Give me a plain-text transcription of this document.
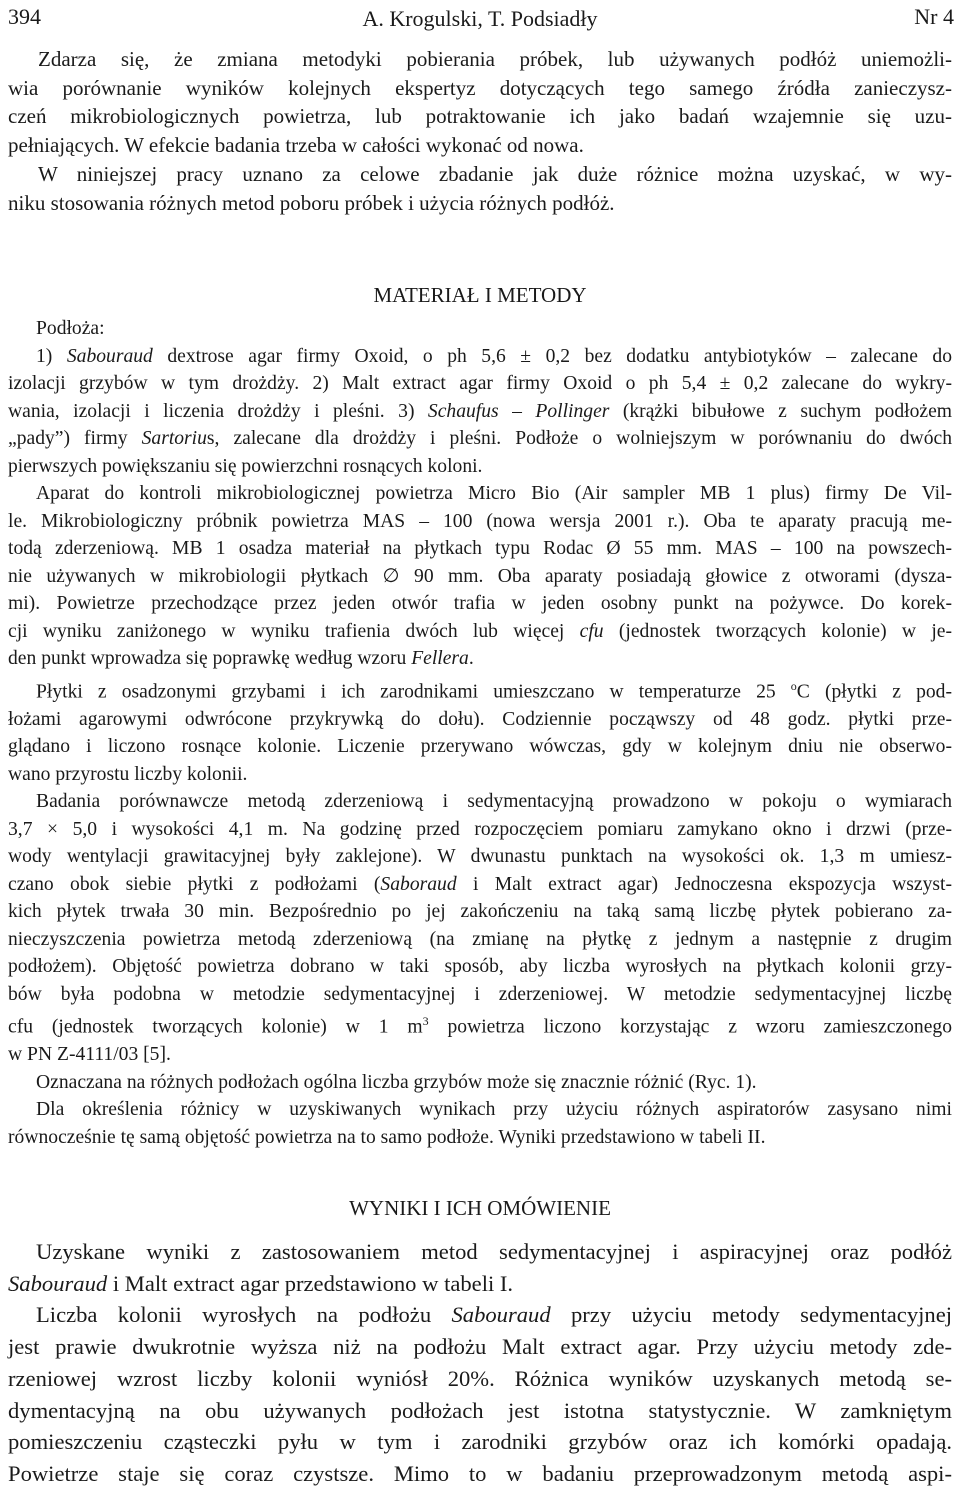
394	A. Krogulski, T. Podsiadły	Nr 4
Zdarza się, że zmiana metodyki pobierania próbek, lub używanych podłóż uniemożli-
wia porównanie wyników kolejnych ekspertyz dotyczących tego samego źródła zanieczysz-
czeń mikrobiologicznych powietrza, lub potraktowanie ich jako badań wzajemnie się uzu-
pełniających. W efekcie badania trzeba w całości wykonać od nowa.
W niniejszej pracy uznano za celowe zbadanie jak duże różnice można uzyskać, w wy-
niku stosowania różnych metod poboru próbek i użycia różnych podłóż.
MATERIAŁ I METODY
Podłoża:
1) Sabouraud dextrose agar firmy Oxoid, o ph 5,6 ± 0,2 bez dodatku antybiotyków – zalecane do
izolacji grzybów w tym drożdży. 2) Malt extract agar firmy Oxoid o ph 5,4 ± 0,2 zalecane do wykry-
wania, izolacji i liczenia drożdży i pleśni. 3) Schaufus – Pollinger (krążki bibułowe z suchym podłożem
„pady”) firmy Sartorius, zalecane dla drożdży i pleśni. Podłoże o wolniejszym w porównaniu do dwóch
pierwszych powiększaniu się powierzchni rosnących koloni.
Aparat do kontroli mikrobiologicznej powietrza Micro Bio (Air sampler MB 1 plus) firmy De Vil-
le. Mikrobiologiczny próbnik powietrza MAS – 100 (nowa wersja 2001 r.). Oba te aparaty pracują me-
todą zderzeniową. MB 1 osadza materiał na płytkach typu Rodac Ø 55 mm. MAS – 100 na powszech-
nie używanych w mikrobiologii płytkach ∅ 90 mm. Oba aparaty posiadają głowice z otworami (dysza-
mi). Powietrze przechodzące przez jeden otwór trafia w jeden osobny punkt na pożywce. Do korek-
cji wyniku zaniżonego w wyniku trafienia dwóch lub więcej cfu (jednostek tworzących kolonie) w je-
den punkt wprowadza się poprawkę według wzoru Fellera.
Płytki z osadzonymi grzybami i ich zarodnikami umieszczano w temperaturze 25 $^o$C (płytki z pod-
łożami agarowymi odwrócone przykrywką do dołu). Codziennie począwszy od 48 godz. płytki prze-
glądano i liczono rosnące kolonie. Liczenie przerywano wówczas, gdy w kolejnym dniu nie obserwo-
wano przyrostu liczby kolonii.
Badania porównawcze metodą zderzeniową i sedymentacyjną prowadzono w pokoju o wymiarach
3,7 × 5,0 i wysokości 4,1 m. Na godzinę przed rozpoczęciem pomiaru zamykano okno i drzwi (prze-
wody wentylacji grawitacyjnej były zaklejone). W dwunastu punktach na wysokości ok. 1,3 m umiesz-
czano obok siebie płytki z podłożami (Saboraud i Malt extract agar) Jednoczesna ekspozycja wszyst-
kich płytek trwała 30 min. Bezpośrednio po jej zakończeniu na taką samą liczbę płytek pobierano za-
nieczyszczenia powietrza metodą zderzeniową (na zmianę na płytkę z jednym a następnie z drugim
podłożem). Objętość powietrza dobrano w taki sposób, aby liczba wyrosłych na płytkach kolonii grzy-
bów była podobna w metodzie sedymentacyjnej i zderzeniowej. W metodzie sedymentacyjnej liczbę
cfu (jednostek tworzących kolonie) w 1 $m^3$ powietrza liczono korzystając z wzoru zamieszczonego
w PN Z-4111/03 [5].
Oznaczana na różnych podłożach ogólna liczba grzybów może się znacznie różnić (Ryc. 1).
Dla określenia różnicy w uzyskiwanych wynikach przy użyciu różnych aspiratorów zasysano nimi
równocześnie tę samą objętość powietrza na to samo podłoże. Wyniki przedstawiono w tabeli II.
WYNIKI I ICH OMÓWIENIE
Uzyskane wyniki z zastosowaniem metod sedymentacyjnej i aspiracyjnej oraz podłóż
Sabouraud i Malt extract agar przedstawiono w tabeli I.
Liczba kolonii wyrosłych na podłożu Sabouraud przy użyciu metody sedymentacyjnej
jest prawie dwukrotnie wyższa niż na podłożu Malt extract agar. Przy użyciu metody zde-
rzeniowej wzrost liczby kolonii wyniósł 20%. Różnica wyników uzyskanych metodą se-
dymentacyjną na obu używanych podłożach jest istotna statystycznie. W zamkniętym
pomieszczeniu cząsteczki pyłu w tym i zarodniki grzybów oraz ich komórki opadają.
Powietrze staje się coraz czystsze. Mimo to w badaniu przeprowadzonym metodą aspi-
